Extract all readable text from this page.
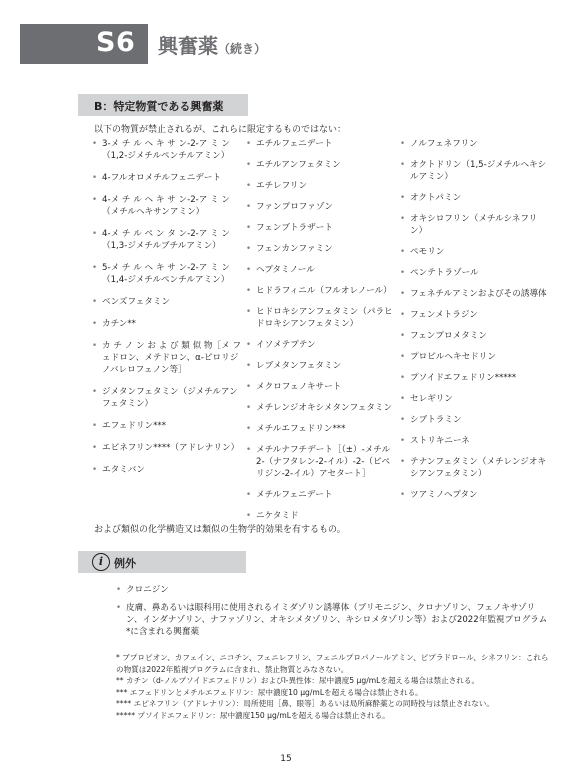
S6 興奮薬（続き）
B：特定物質である興奮薬
以下の物質が禁止されるが、これらに限定するものではない：
• 3-メ チ ル ヘ キ サ ン-2-ア ミ ン（1,2-ジメチルペンチルアミン）
• 4-フルオロメチルフェニデート
• 4-メ チ ル ヘ キ サ ン-2-ア ミ ン（メチルヘキサンアミン）
• 4-メ チ ル ペ ン タ ン-2-ア ミ ン（1,3-ジメチルブチルアミン）
• 5-メ チ ル ヘ キ サ ン-2-ア ミ ン（1,4-ジメチルペンチルアミン）
• ベンズフェタミン
• カチン**
• カ チ ノ ン お よ び 類 似 物［メ フェドロン、メテドロン、α-ピロリジノバレロフェノン等］
• ジメタンフェタミン（ジメチルアンフェタミン）
• エフェドリン***
• エピネフリン****（アドレナリン）
• エタミバン
• エチルフェニデート
• エチルアンフェタミン
• エチレフリン
• ファンプロファゾン
• フェンブトラザート
• フェンカンファミン
• ヘプタミノール
• ヒドラフィニル（フルオレノール）
• ヒドロキシアンフェタミン（パラヒドロキシアンフェタミン）
• イソメテプテン
• レブメタンフェタミン
• メクロフェノキサート
• メチレンジオキシメタンフェタミン
• メチルエフェドリン***
• メチルナフチデート［（±）-メチル2-（ナフタレン-2-イル）-2-（ピペリジン-2-イル）アセタート］
• メチルフェニデート
• ニケタミド
• ノルフェネフリン
• オクトドリン（1,5-ジメチルヘキシルアミン）
• オクトパミン
• オキシロフリン（メチルシネフリン）
• ペモリン
• ペンテトラゾール
• フェネチルアミンおよびその誘導体
• フェンメトラジン
• フェンプロメタミン
• プロピルヘキセドリン
• プソイドエフェドリン*****
• セレギリン
• シブトラミン
• ストリキニーネ
• テナンフェタミン（メチレンジオキシアンフェタミン）
• ツアミノヘプタン
および類似の化学構造又は類似の生物学的効果を有するもの。
i 例外
• クロニジン
• 皮膚、鼻あるいは眼科用に使用されるイミダゾリン誘導体（ブリモニジン、クロナゾリン、フェノキサゾリン、インダナゾリン、ナファゾリン、オキシメタゾリン、キシロメタゾリン等）および2022年監視プログラム*に含まれる興奮薬
* ブプロピオン、カフェイン、ニコチン、フェニレフリン、フェニルプロパノールアミン、ピプラドロール、シネフリン：これらの物質は2022年監視プログラムに含まれ、禁止物質とみなさない。
** カチン（d-ノルプソイドエフェドリン）およびl-異性体：尿中濃度5 μg/mLを超える場合は禁止される。
*** エフェドリンとメチルエフェドリン：尿中濃度10 μg/mLを超える場合は禁止される。
**** エピネフリン（アドレナリン）：局所使用［鼻、眼等］あるいは局所麻酔薬との同時投与は禁止されない。
***** プソイドエフェドリン：尿中濃度150 μg/mLを超える場合は禁止される。
15
